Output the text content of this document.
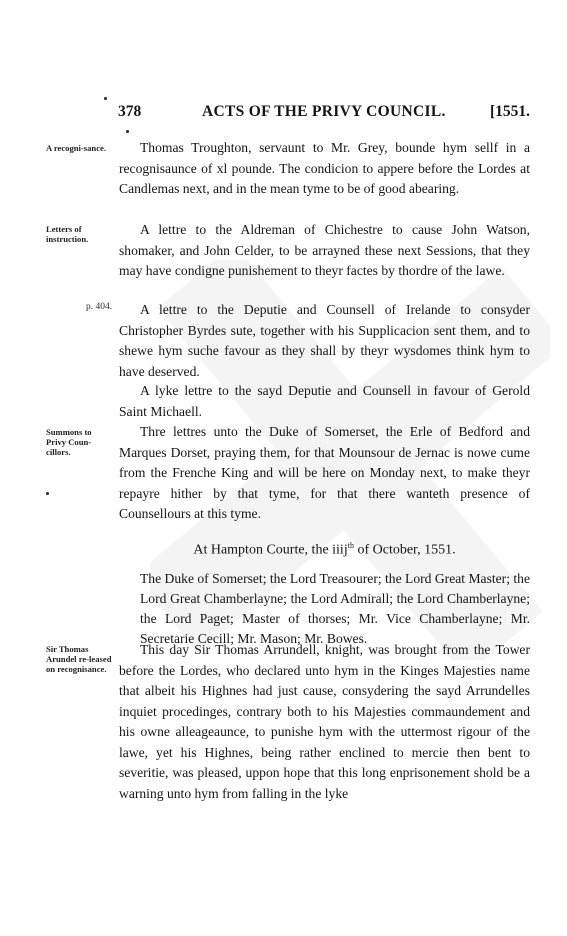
378	ACTS OF THE PRIVY COUNCIL.	[1551.
A recogni-sance.
Letters of instruction.
Summons to Privy Coun-cillors.
Sir Thomas Arundel re-leased on recognisance.
p. 404.

Thomas Troughton, servaunt to Mr. Grey, bounde hym sellf in a recognisaunce of xl pounde. The condicion to appere before the Lordes at Candlemas next, and in the mean tyme to be of good abearing.

A lettre to the Aldreman of Chichestre to cause John Watson, shomaker, and John Celder, to be arrayned these next Sessions, that they may have condigne punishement to theyr factes by thordre of the lawe.

A lettre to the Deputie and Counsell of Irelande to consyder Christopher Byrdes sute, together with his Supplicacion sent them, and to shewe hym suche favour as they shall by theyr wysdomes think hym to have deserved.

A lyke lettre to the sayd Deputie and Counsell in favour of Gerold Saint Michaell.

Thre lettres unto the Duke of Somerset, the Erle of Bedford and Marques Dorset, praying them, for that Mounsour de Jernac is nowe cume from the Frenche King and will be here on Monday next, to make theyr repayre hither by that tyme, for that there wanteth presence of Counsellours at this tyme.

At Hampton Courte, the iiij$^{th}$ of October, 1551.

The Duke of Somerset; the Lord Treasourer; the Lord Great Master; the Lord Great Chamberlayne; the Lord Admirall; the Lord Chamberlayne; the Lord Paget; Master of thorses; Mr. Vice Chamberlayne; Mr. Secretarie Cecill; Mr. Mason; Mr. Bowes.

This day Sir Thomas Arrundell, knight, was brought from the Tower before the Lordes, who declared unto hym in the Kinges Majesties name that albeit his Highnes had just cause, consydering the sayd Arrundelles inquiet procedinges, contrary both to his Majesties commaundement and his owne alleageaunce, to punishe hym with the uttermost rigour of the lawe, yet his Highnes, being rather enclined to mercie then bent to severitie, was pleased, uppon hope that this long enprisonement shold be a warning unto hym from falling in the lyke
